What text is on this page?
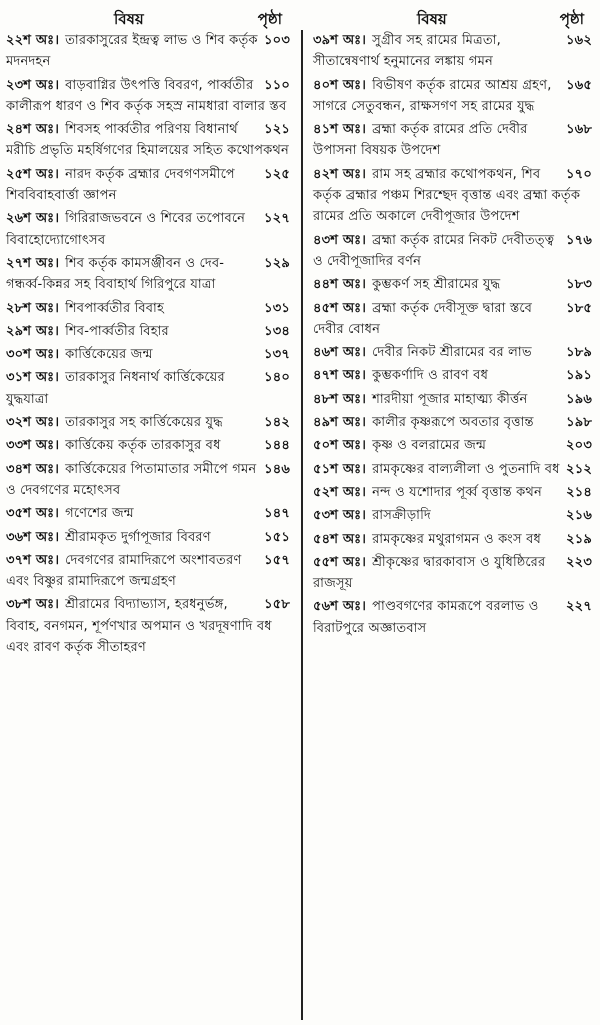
বিষয়	পৃষ্ঠা
২২শ অঃ।	১০৩
তারকাসুরের ইন্দ্রত্ব লাভ ও শিব কর্তৃক মদনদহন
২৩শ অঃ।	১১০
বাড়বাগ্নির উৎপত্তি বিবরণ, পার্ব্বতীর কালীরূপ ধারণ ও শিব কর্তৃক সহস্র নামধারা বালার স্তব
২৪শ অঃ।	১২১
শিবসহ পার্ব্বতীর পরিণয় বিধানার্থ মরীচি প্রভৃতি মহর্ষিগণের হিমালয়ের সহিত কথোপকথন
২৫শ অঃ।	১২৫
নারদ কর্তৃক ব্রহ্মার দেবগণসমীপে শিববিবাহবার্ত্তা জ্ঞাপন
২৬শ অঃ।	১২৭
গিরিরাজভবনে ও শিবের তপোবনে বিবাহোদ্যোগোৎসব
২৭শ অঃ।	১২৯
শিব কর্তৃক কামসঞ্জীবন ও দেব-গন্ধর্ব্ব-কিন্নর সহ বিবাহার্থ গিরিপুরে যাত্রা
২৮শ অঃ।	১৩১
শিবপার্ব্বতীর বিবাহ
২৯শ অঃ।	১৩৪
শিব-পার্ব্বতীর বিহার
৩০শ অঃ।	১৩৭
কার্ত্তিকেয়ের জন্ম
৩১শ অঃ।	১৪০
তারকাসুর নিধনার্থ কার্ত্তিকেয়ের যুদ্ধযাত্রা
৩২শ অঃ।	১৪২
তারকাসুর সহ কার্ত্তিকেয়ের যুদ্ধ
৩৩শ অঃ।	১৪৪
কার্ত্তিকেয় কর্তৃক তারকাসুর বধ
৩৪শ অঃ।	১৪৬
কার্ত্তিকেয়ের পিতামাতার সমীপে গমন ও দেবগণের মহোৎসব
৩৫শ অঃ।	১৪৭
গণেশের জন্ম
৩৬শ অঃ।	১৫১
শ্রীরামকৃত দুর্গাপূজার বিবরণ
৩৭শ অঃ।	১৫৭
দেবগণের রামাদিরূপে অংশাবতরণ এবং বিষ্ণুর রামাদিরূপে জন্মগ্রহণ
৩৮শ অঃ।	১৫৮
শ্রীরামের বিদ্যাভ্যাস, হরধনুর্ভঙ্গ, বিবাহ, বনগমন, শূর্পণখার অপমান ও খরদূষণাদি বধ এবং রাবণ কর্তৃক সীতাহরণ
বিষয়	পৃষ্ঠা
৩৯শ অঃ।	১৬২
সুগ্রীব সহ রামের মিত্রতা, সীতান্বেষণার্থ হনুমানের লঙ্কায় গমন
৪০শ অঃ।	১৬৫
বিভীষণ কর্তৃক রামের আশ্রয় গ্রহণ, সাগরে সেতুবন্ধন, রাক্ষসগণ সহ রামের যুদ্ধ
৪১শ অঃ।	১৬৮
ব্রহ্মা কর্তৃক রামের প্রতি দেবীর উপাসনা বিষয়ক উপদেশ
৪২শ অঃ।	১৭০
রাম সহ ব্রহ্মার কথোপকথন, শিব কর্তৃক ব্রহ্মার পঞ্চম শিরশ্ছেদ বৃত্তান্ত এবং ব্রহ্মা কর্তৃক রামের প্রতি অকালে দেবীপূজার উপদেশ
৪৩শ অঃ।	১৭৬
ব্রহ্মা কর্তৃক রামের নিকট দেবীতত্ত্ব ও দেবীপূজাদির বর্ণন
৪৪শ অঃ।	১৮৩
কুম্ভকর্ণ সহ শ্রীরামের যুদ্ধ
৪৫শ অঃ।	১৮৫
ব্রহ্মা কর্তৃক দেবীসূক্ত দ্বারা স্তবে দেবীর বোধন
৪৬শ অঃ।	১৮৯
দেবীর নিকট শ্রীরামের বর লাভ
৪৭শ অঃ।	১৯১
কুম্ভকর্ণাদি ও রাবণ বধ
৪৮শ অঃ।	১৯৬
শারদীয়া পূজার মাহাত্ম্য কীর্ত্তন
৪৯শ অঃ।	১৯৮
কালীর কৃষ্ণরূপে অবতার বৃত্তান্ত
৫০শ অঃ।	২০৩
কৃষ্ণ ও বলরামের জন্ম
৫১শ অঃ।	২১২
রামকৃষ্ণের বাল্যলীলা ও পুতনাদি বধ
৫২শ অঃ।	২১৪
নন্দ ও যশোদার পূর্ব্ব বৃত্তান্ত কথন
৫৩শ অঃ।	২১৬
রাসক্রীড়াদি
৫৪শ অঃ।	২১৯
রামকৃষ্ণের মথুরাগমন ও কংস বধ
৫৫শ অঃ।	২২৩
শ্রীকৃষ্ণের দ্বারকাবাস ও যুধিষ্ঠিরের রাজসূয়
৫৬শ অঃ।	২২৭
পাণ্ডবগণের কামরূপে বরলাভ ও বিরাটপুরে অজ্ঞাতবাস
